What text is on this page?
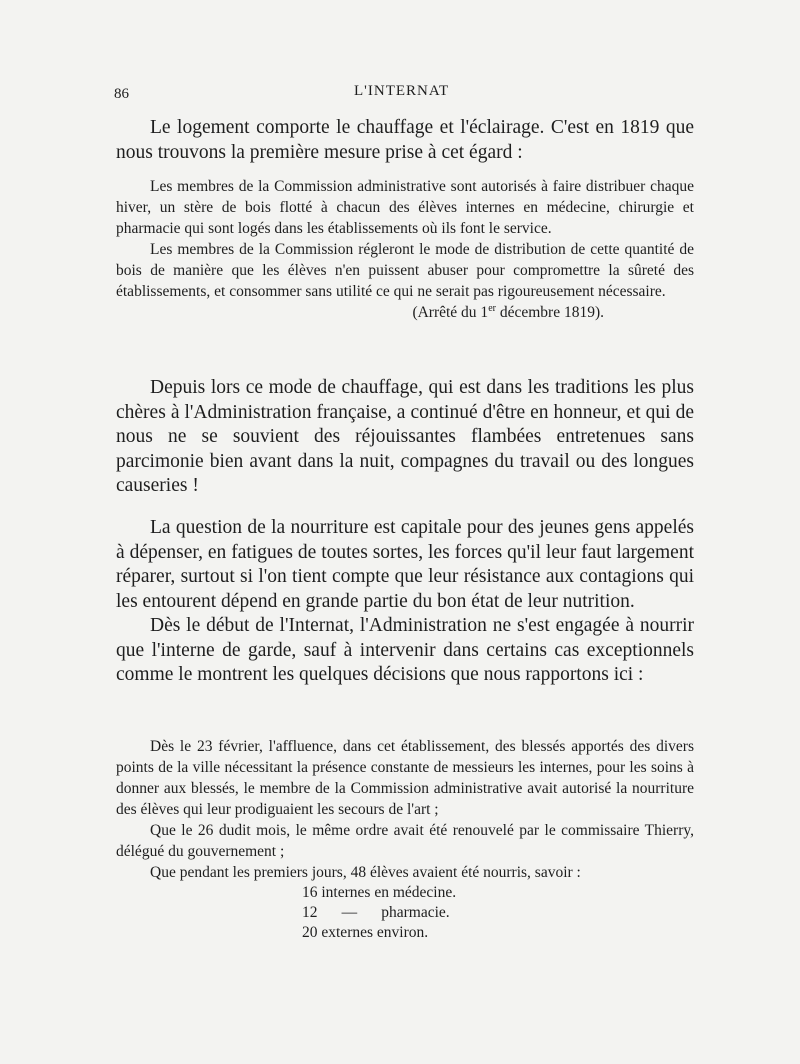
86	L'INTERNAT

Le logement comporte le chauffage et l'éclairage. C'est en 1819 que nous trouvons la première mesure prise à cet égard :

Les membres de la Commission administrative sont autorisés à faire distribuer chaque hiver, un stère de bois flotté à chacun des élèves internes en médecine, chirurgie et pharmacie qui sont logés dans les établissements où ils font le service.

Les membres de la Commission régleront le mode de distribution de cette quantité de bois de manière que les élèves n'en puissent abuser pour compromettre la sûreté des établissements, et consommer sans utilité ce qui ne serait pas rigoureusement nécessaire.

(Arrêté du 1er décembre 1819).

Depuis lors ce mode de chauffage, qui est dans les traditions les plus chères à l'Administration française, a continué d'être en honneur, et qui de nous ne se souvient des réjouissantes flambées entretenues sans parcimonie bien avant dans la nuit, compagnes du travail ou des longues causeries !

La question de la nourriture est capitale pour des jeunes gens appelés à dépenser, en fatigues de toutes sortes, les forces qu'il leur faut largement réparer, surtout si l'on tient compte que leur résistance aux contagions qui les entourent dépend en grande partie du bon état de leur nutrition.

Dès le début de l'Internat, l'Administration ne s'est engagée à nourrir que l'interne de garde, sauf à intervenir dans certains cas exceptionnels comme le montrent les quelques décisions que nous rapportons ici :

Dès le 23 février, l'affluence, dans cet établissement, des blessés apportés des divers points de la ville nécessitant la présence constante de messieurs les internes, pour les soins à donner aux blessés, le membre de la Commission administrative avait autorisé la nourriture des élèves qui leur prodiguaient les secours de l'art ;

Que le 26 dudit mois, le même ordre avait été renouvelé par le commissaire Thierry, délégué du gouvernement ;

Que pendant les premiers jours, 48 élèves avaient été nourris, savoir :

16 internes en médecine.

12 — pharmacie.

20 externes environ.
